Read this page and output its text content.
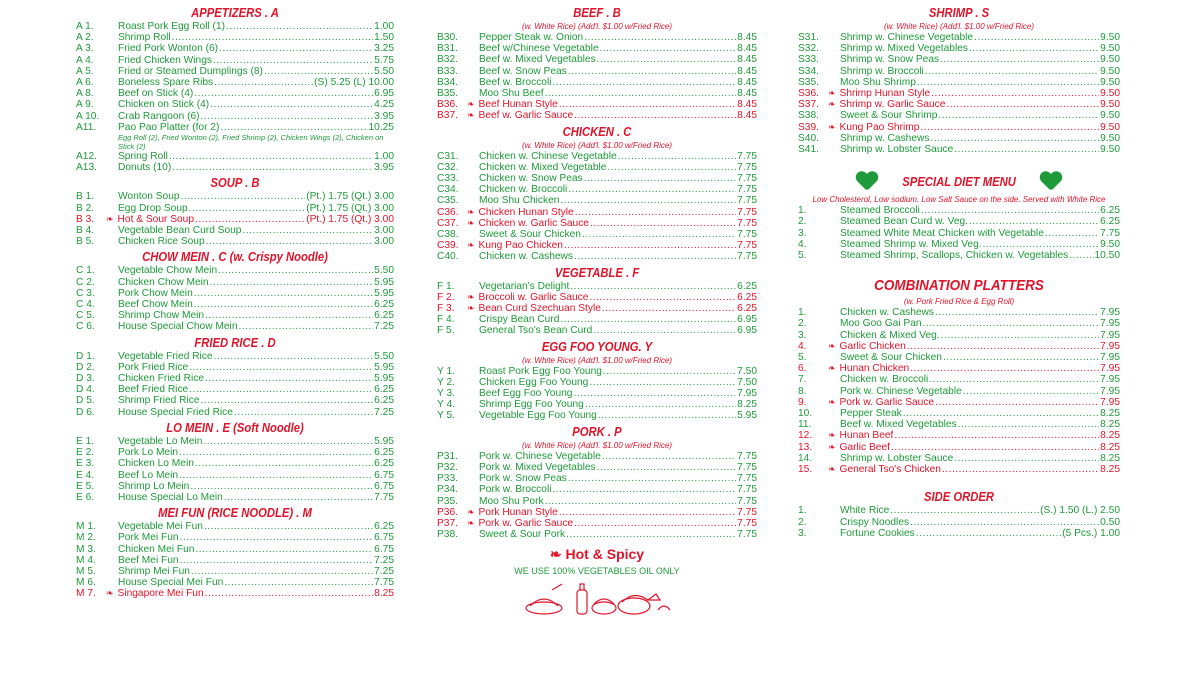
APPETIZERS . A
A 1.	Roast Pork Egg Roll (1) .....	1.00
A 2.	Shrimp Roll .....	1.50
A 3.	Fried Pork Wonton (6) .....	3.25
A 4.	Fried Chicken Wings .....	5.75
A 5.	Fried or Steamed Dumplings (8) .....	5.50
A 6.	Boneless Spare Ribs .....	(S) 5.25 (L) 10.00
A 8.	Beef on Stick (4) .....	6.95
A 9.	Chicken on Stick (4) .....	4.25
A 10.	Crab Rangoon (6) .....	3.95
A11.	Pao Pao Platter (for 2) .....	10.25
Egg Roll (2), Fried Wonton (2), Fried Shrimp (2), Chicken Wings (2), Chicken on Stick (2)
A12.	Spring Roll .....	1.00
A13.	Donuts (10) .....	3.95
SOUP . B
B 1.	Wonton Soup .....	(Pt.) 1.75 (Qt.) 3.00
B 2.	Egg Drop Soup .....	(Pt.) 1.75 (Qt.) 3.00
B 3.	❧ Hot & Sour Soup .....	(Pt.) 1.75 (Qt.) 3.00
B 4.	Vegetable Bean Curd Soup .....	3.00
B 5.	Chicken Rice Soup .....	3.00
CHOW MEIN . C (w. Crispy Noodle)
C 1.	Vegetable Chow Mein .....	5.50
C 2.	Chicken Chow Mein .....	5.95
C 3.	Pork Chow Mein .....	5.95
C 4.	Beef Chow Mein .....	6.25
C 5.	Shrimp Chow Mein .....	6.25
C 6.	House Special Chow Mein .....	7.25
FRIED RICE . D
D 1.	Vegetable Fried Rice .....	5.50
D 2.	Pork Fried Rice .....	5.95
D 3.	Chicken Fried Rice .....	5.95
D 4.	Beef Fried Rice .....	6.25
D 5.	Shrimp Fried Rice .....	6.25
D 6.	House Special Fried Rice .....	7.25
LO MEIN . E (Soft Noodle)
E 1.	Vegetable Lo Mein .....	5.95
E 2.	Pork Lo Mein .....	6.25
E 3.	Chicken Lo Mein .....	6.25
E 4.	Beef Lo Mein .....	6.75
E 5.	Shrimp Lo Mein .....	6.75
E 6.	House Special Lo Mein .....	7.75
MEI FUN (RICE NOODLE) . M
M 1.	Vegetable Mei Fun .....	6.25
M 2.	Pork Mei Fun .....	6.75
M 3.	Chicken Mei Fun .....	6.75
M 4.	Beef Mei Fun .....	7.25
M 5.	Shrimp Mei Fun .....	7.25
M 6.	House Special Mei Fun .....	7.75
M 7.	❧ Singapore Mei Fun .....	8.25
BEEF . B
(w. White Rice) (Add'l. $1.00 w/Fried Rice)
B30.	Pepper Steak w. Onion .....	8.45
B31.	Beef w/Chinese Vegetable .....	8.45
B32.	Beef w. Mixed Vegetables .....	8.45
B33.	Beef w. Snow Peas .....	8.45
B34.	Beef w. Broccoli .....	8.45
B35.	Moo Shu Beef .....	8.45
B36.	❧ Beef Hunan Style .....	8.45
B37.	❧ Beef w. Garlic Sauce .....	8.45
CHICKEN . C
(w. White Rice) (Add'l. $1.00 w/Fried Rice)
C31.	Chicken w. Chinese Vegetable .....	7.75
C32.	Chicken w. Mixed Vegetable .....	7.75
C33.	Chicken w. Snow Peas .....	7.75
C34.	Chicken w. Broccoli .....	7.75
C35.	Moo Shu Chicken .....	7.75
C36. ❧ Chicken Hunan Style .....	7.75
C37. ❧ Chicken w. Garlic Sauce .....	7.75
C38.	Sweet & Sour Chicken .....	7.75
C39. ❧ Kung Pao Chicken .....	7.75
C40.	Chicken w. Cashews .....	7.75
VEGETABLE . F
F 1.	Vegetarian's Delight .....	6.25
F 2.	❧ Broccoli w. Garlic Sauce .....	6.25
F 3.	❧ Bean Curd Szechuan Style .....	6.25
F 4.	Crispy Bean Curd .....	6.95
F 5.	General Tso's Bean Curd .....	6.95
EGG FOO YOUNG. Y
(w. White Rice) (Add'l. $1.00 w/Fried Rice)
Y 1.	Roast Pork Egg Foo Young .....	7.50
Y 2.	Chicken Egg Foo Young .....	7.50
Y 3.	Beef Egg Foo Young .....	7.95
Y 4.	Shrimp Egg Foo Young .....	8.25
Y 5.	Vegetable Egg Foo Young .....	5.95
PORK . P
(w. White Rice) (Add'l. $1.00 w/Fried Rice)
P31.	Pork w. Chinese Vegetable .....	7.75
P32.	Pork w. Mixed Vegetables .....	7.75
P33.	Pork w. Snow Peas .....	7.75
P34.	Pork w. Broccoli .....	7.75
P35.	Moo Shu Pork .....	7.75
P36.	❧ Pork Hunan Style .....	7.75
P37.	❧ Pork w. Garlic Sauce .....	7.75
P38.	Sweet & Sour Pork .....	7.75
❧ Hot & Spicy
WE USE 100% VEGETABLES OIL ONLY
SHRIMP . S
(w. White Rice) (Add'l. $1.00 w/Fried Rice)
S31.	Shrimp w. Chinese Vegetable .....	9.50
S32.	Shrimp w. Mixed Vegetables .....	9.50
S33.	Shrimp w. Snow Peas .....	9.50
S34.	Shrimp w. Broccoli .....	9.50
S35.	Moo Shu Shrimp .....	9.50
S36.	❧ Shrimp Hunan Style .....	9.50
S37.	❧ Shrimp w. Garlic Sauce .....	9.50
S38.	Sweet & Sour Shrimp .....	9.50
S39.	❧ Kung Pao Shrimp .....	9.50
S40.	Shrimp w. Cashews .....	9.50
S41.	Shrimp w. Lobster Sauce .....	9.50
SPECIAL DIET MENU
Low Cholesterol, Low sodium, Low Salt Sauce on the side. Served with White Rice
1.	Steamed Broccoli .....	6.25
2.	Steamed Bean Curd w. Veg. .....	6.25
3.	Steamed White Meat Chicken with Vegetable .....	7.75
4.	Steamed Shrimp w. Mixed Veg. .....	9.50
5.	Steamed Shrimp, Scallops, Chicken w. Vegetables .....	10.50
COMBINATION PLATTERS
(w. Pork Fried Rice & Egg Roll)
1.	Chicken w. Cashews .....	7.95
2.	Moo Goo Gai Pan .....	7.95
3.	Chicken & Mixed Veg. .....	7.95
4.	❧ Garlic Chicken .....	7.95
5.	Sweet & Sour Chicken .....	7.95
6.	❧ Hunan Chicken .....	7.95
7.	Chicken w. Broccoli .....	7.95
8.	Pork w. Chinese Vegetable .....	7.95
9.	❧ Pork w. Garlic Sauce .....	7.95
10.	Pepper Steak .....	8.25
11.	Beef w. Mixed Vegetables .....	8.25
12.	❧ Hunan Beef .....	8.25
13.	❧ Garlic Beef .....	8.25
14.	Shrimp w. Lobster Sauce .....	8.25
15.	❧ General Tso's Chicken .....	8.25
SIDE ORDER
1.	White Rice .....	(S.) 1.50 (L.) 2.50
2.	Crispy Noodles .....	0.50
3.	Fortune Cookies .....	(5 Pcs.) 1.00
